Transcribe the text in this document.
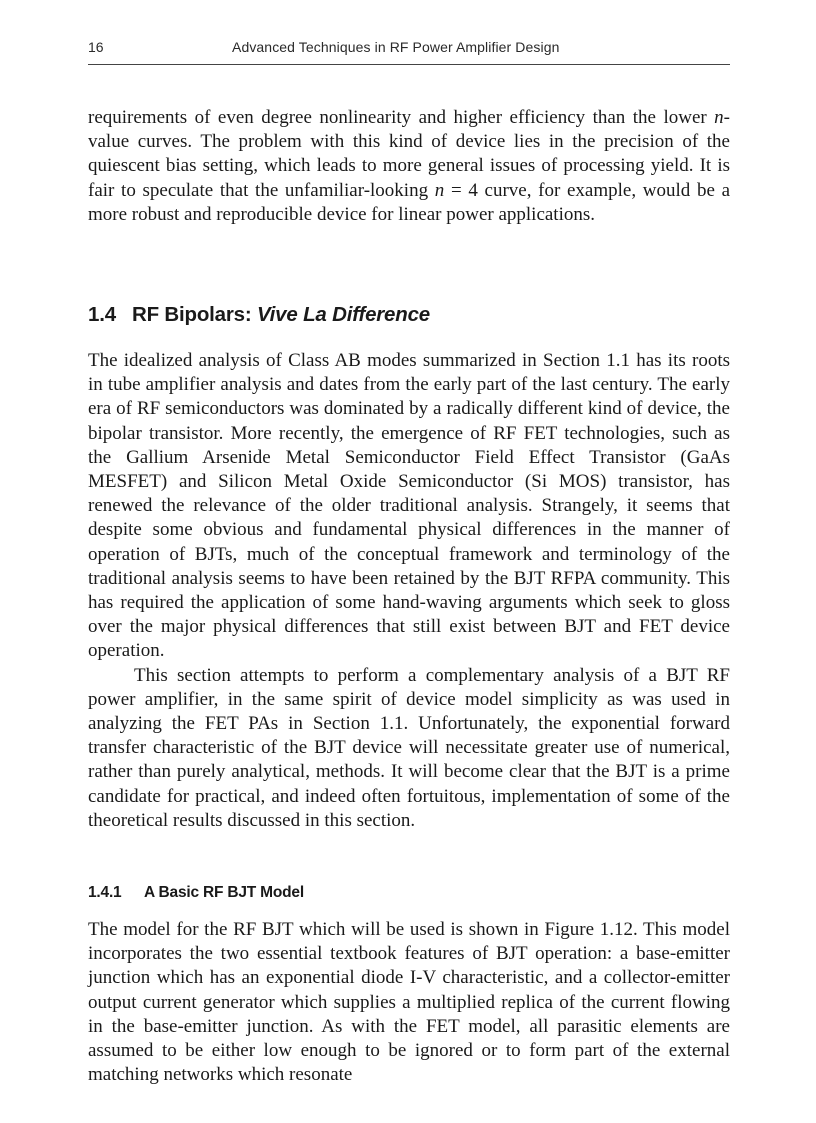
16	Advanced Techniques in RF Power Amplifier Design

requirements of even degree nonlinearity and higher efficiency than the lower n-value curves. The problem with this kind of device lies in the precision of the quiescent bias setting, which leads to more general issues of processing yield. It is fair to speculate that the unfamiliar-looking n = 4 curve, for example, would be a more robust and reproducible device for linear power applications.

1.4 RF Bipolars: Vive La Difference

The idealized analysis of Class AB modes summarized in Section 1.1 has its roots in tube amplifier analysis and dates from the early part of the last century. The early era of RF semiconductors was dominated by a radically different kind of device, the bipolar transistor. More recently, the emergence of RF FET technologies, such as the Gallium Arsenide Metal Semiconductor Field Effect Transistor (GaAs MESFET) and Silicon Metal Oxide Semiconductor (Si MOS) transistor, has renewed the relevance of the older traditional analysis. Strangely, it seems that despite some obvious and fundamental physical differences in the manner of operation of BJTs, much of the conceptual framework and terminology of the traditional analysis seems to have been retained by the BJT RFPA community. This has required the application of some hand-waving arguments which seek to gloss over the major physical differences that still exist between BJT and FET device operation.

This section attempts to perform a complementary analysis of a BJT RF power amplifier, in the same spirit of device model simplicity as was used in analyzing the FET PAs in Section 1.1. Unfortunately, the exponential forward transfer characteristic of the BJT device will necessitate greater use of numerical, rather than purely analytical, methods. It will become clear that the BJT is a prime candidate for practical, and indeed often fortuitous, implementation of some of the theoretical results discussed in this section.

1.4.1 A Basic RF BJT Model

The model for the RF BJT which will be used is shown in Figure 1.12. This model incorporates the two essential textbook features of BJT operation: a base-emitter junction which has an exponential diode I-V characteristic, and a collector-emitter output current generator which supplies a multiplied replica of the current flowing in the base-emitter junction. As with the FET model, all parasitic elements are assumed to be either low enough to be ignored or to form part of the external matching networks which resonate
